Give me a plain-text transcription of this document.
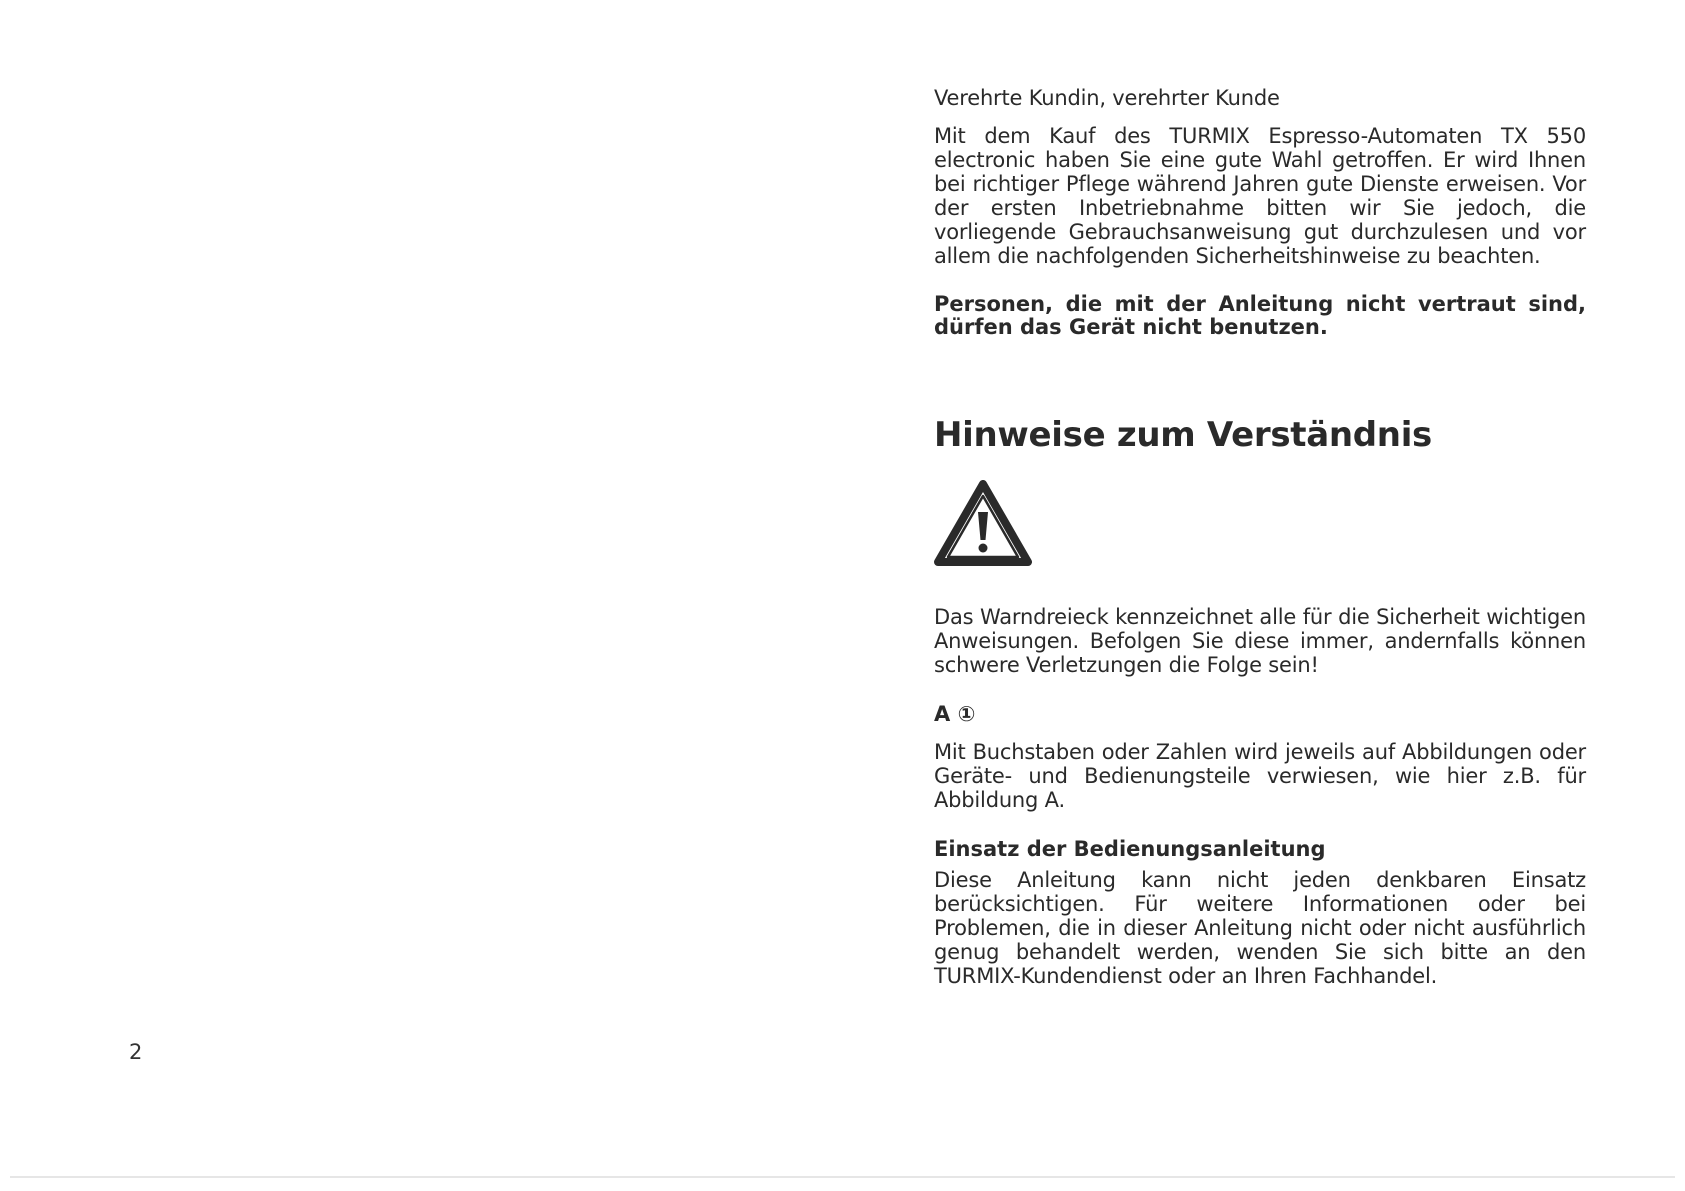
Verehrte Kundin, verehrter Kunde

Mit dem Kauf des TURMIX Espresso-Automaten TX 550 electronic haben Sie eine gute Wahl getroffen. Er wird Ihnen bei richtiger Pflege während Jahren gute Dienste erweisen. Vor der ersten Inbetriebnahme bitten wir Sie jedoch, die vorliegende Gebrauchsanweisung gut durchzulesen und vor allem die nachfolgenden Sicherheitshinweise zu beachten.

Personen, die mit der Anleitung nicht vertraut sind, dürfen das Gerät nicht benutzen.

Hinweise zum Verständnis

Das Warndreieck kennzeichnet alle für die Sicherheit wichtigen Anweisungen. Befolgen Sie diese immer, andernfalls können schwere Verletzungen die Folge sein!

A ①

Mit Buchstaben oder Zahlen wird jeweils auf Abbildungen oder Geräte- und Bedienungsteile verwiesen, wie hier z.B. für Abbildung A.

Einsatz der Bedienungsanleitung

Diese Anleitung kann nicht jeden denkbaren Einsatz berücksichtigen. Für weitere Informationen oder bei Problemen, die in dieser Anleitung nicht oder nicht ausführlich genug behandelt werden, wenden Sie sich bitte an den TURMIX-Kundendienst oder an Ihren Fachhandel.

2
